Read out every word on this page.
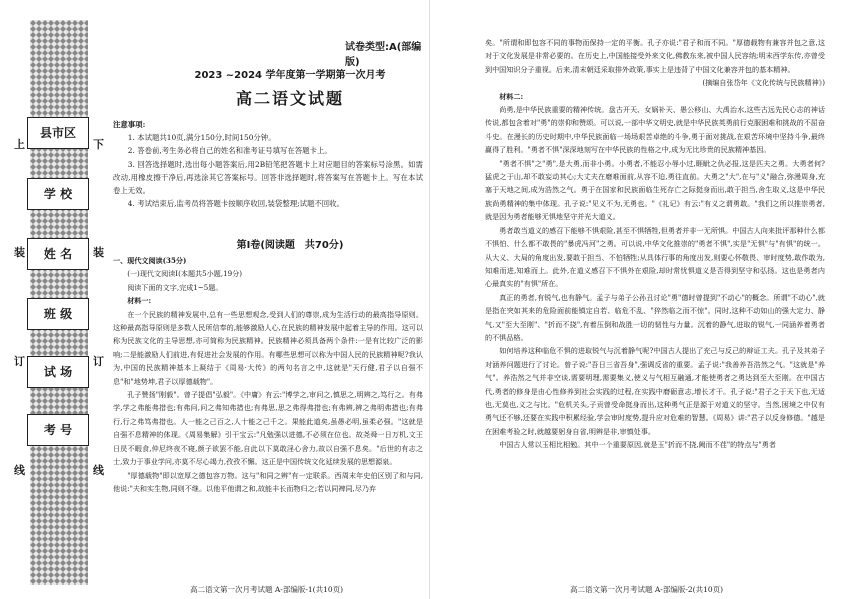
上	下
装	装
订	订
线	线
县市区
学 校
姓 名
班 级
试 场
考 号
试卷类型:A(部编版)
2023 ~2024 学年度第一学期第一次月考
高二语文试题

注意事项:

1. 本试题共10页,满分150分,时间150分钟。

2. 答卷前,考生务必将自己的姓名和准考证号填写在答题卡上。

3. 回答选择题时,选出每小题答案后,用2B铅笔把答题卡上对应题目的答案标号涂黑。如需改动,用橡皮擦干净后,再选涂其它答案标号。回答非选择题时,将答案写在答题卡上。写在本试卷上无效。

4. 考试结束后,监考员将答题卡按顺序收回,装袋整理;试题不回收。

第Ⅰ卷(阅读题　共70分)

一、现代文阅读(35分)

(一)现代文阅读Ⅰ(本题共5小题,19分)

阅读下面的文字,完成1~5题。

材料一:

在一个民族的精神发展中,总有一些思想观念,受到人们的尊崇,成为生活行动的最高指导原则。这种最高指导原则是多数人民所信奉的,能够激励人心,在民族的精神发展中起着主导的作用。这可以称为民族文化的主导思想,亦可简称为民族精神。民族精神必须具备两个条件:一是有比较广泛的影响;二是能激励人们前进,有促进社会发展的作用。有哪些思想可以称为中国人民的民族精神呢?我认为,中国的民族精神基本上凝结于《周易·大传》的两句名言之中,这就是"天行健,君子以自强不息"和"地势坤,君子以厚德载物"。

孔子赞扬"刚毅"。曾子提倡"弘毅"。《中庸》有云:"博学之,审问之,慎思之,明辨之,笃行之。有弗学,学之弗能弗措也;有弗问,问之弗知弗措也;有弗思,思之弗得弗措也;有弗辨,辨之弗明弗措也;有弗行,行之弗笃弗措也。人一能之己百之,人十能之己千之。果能此道矣,虽愚必明,虽柔必强。"这就是自强不息精神的体现。《周易集解》引干宝云:"凡勉强以进德,不必须在位也。故尧舜一日万机,文王日昃不暇食,仲尼终夜不寝,颜子欲罢不能,自此以下莫敢淫心舍力,故以自强不息矣。"后世的有志之士,致力于事业学问,亦莫不尽心竭力,孜孜不懈。这正是中国传统文化延续发展的思想源泉。

"厚德载物"即以宽厚之德包容万物。这与"和同之辨"有一定联系。西周末年史伯区别了和与同,他说:"夫和实生物,同则不继。以他平他谓之和,故能丰长而物归之;若以同裨同,尽乃弃

高二语文第一次月考试题 A-部编版-1(共10页)

矣。"所谓和即包容不同的事物而保持一定的平衡。孔子亦说:"君子和而不同。"厚德载物有兼容并包之意,这对于文化发展是非常必要的。在历史上,中国能接受外来文化,佛教东来,被中国人民容纳;明末西学东传,亦曾受到中国知识分子重视。后来,清末朝廷采取排外政策,事实上是违背了中国文化兼容并包的基本精神。

(摘编自张岱年《文化传统与民族精神》)

材料二:

尚勇,是中华民族重要的精神传统。盘古开天、女娲补天、愚公移山、大禹治水,这些古远先民心志的神话传说,都包含着对"勇"的崇仰和赞颂。可以说,一部中华文明史,就是中华民族英勇前行克服困难和挑战的不屈奋斗史。在漫长的历史时期中,中华民族面临一场场艰苦卓绝的斗争,勇于面对挑战,在艰苦环境中坚持斗争,最终赢得了胜利。"勇者不惧"深深地刻写在中华民族的性格之中,成为无比珍贵的民族精神基因。

"勇者不惧"之"勇",是大勇,而非小勇。小勇者,不能忍小辱小过,睚眦之仇必报,这是匹夫之勇。大勇者何?猛虎之于山,却不敢妄动其心;大丈夫在磨难面前,从容不迫,勇往直前。大勇之"大",在与"义"融合,弥漫周身,充塞于天地之间,成为浩然之气。勇于在国家和民族面临生死存亡之际挺身而出,敢于担当,舍生取义,这是中华民族尚勇精神的集中体现。孔子说:"见义不为,无勇也。"《礼记》有云:"有义之谓勇敢。"我们之所以推崇勇者,就是因为勇者能够无惧地坚守并光大道义。

勇者敢当道义的感召下能够不惧艰险,甚至不惧牺牲,但勇者并非一无所惧。中国古人向来批评那种什么都不惧怕、什么都不敢畏的"暴虎冯河"之勇。可以说,中华文化推崇的"勇者不惧",实是"无惧"与"有惧"的统一。从大义、大局的角度出发,要敢于担当、不怕牺牲;从具体行事的角度出发,则要心怀敬畏、审时度势,敢作敢为,知难而进,知难而上。此外,在道义感召下不惧外在艰险,却时常忧惧道义是否得到坚守和弘扬。这也是勇者内心最真实的"有惧"所在。

真正的勇者,有锐气,也有静气。孟子与弟子公孙丑讨论"勇"德时曾提到"不动心"的概念。所谓"不动心",就是指在突如其来的危险面前能镇定自若、临危不乱、"猝然临之而不惊"。同时,这种不动如山的强大定力、静气,又"至大至刚"、"折而不挠",有着压倒和战胜一切的韧性与力量。沉着的静气,进取的锐气,一同涵养着勇者的不惧品格。

如何培养这种临危不惧的进取锐气与沉着静气呢?中国古人提出了充己与反己的辩证工夫。孔子及其弟子对涵养问题进行了讨论。曾子说:"吾日三省吾身",强调反省的重要。孟子说:"我善养吾浩然之气。"这就是"养气"。养浩然之气并非空谈,需要明理,需要集义,使义与气相互融通,才能使勇者之勇达到至大至刚。在中国古代,勇者的修身是由心性修养到社会实践的过程,在实践中磨砺意志,增长才干。孔子说:"君子之于天下也,无适也,无莫也,义之与比。"危机关头,子贡曾受命挺身而出,这种勇气正是源于对道义的坚守。当然,困境之中仅有勇气还不够,还要在实践中积累经验,学会审时度势,提升应对危难的智慧。《周易》讲:"君子以反身修德。"越是在困难考验之时,就越要躬身自省,明辨是非,审慎处事。

中国古人常以玉相比相勉。其中一个重要原因,就是玉"折而不挠,阙而不荏"的特点与"勇者

高二语文第一次月考试题 A-部编版-2(共10页)
